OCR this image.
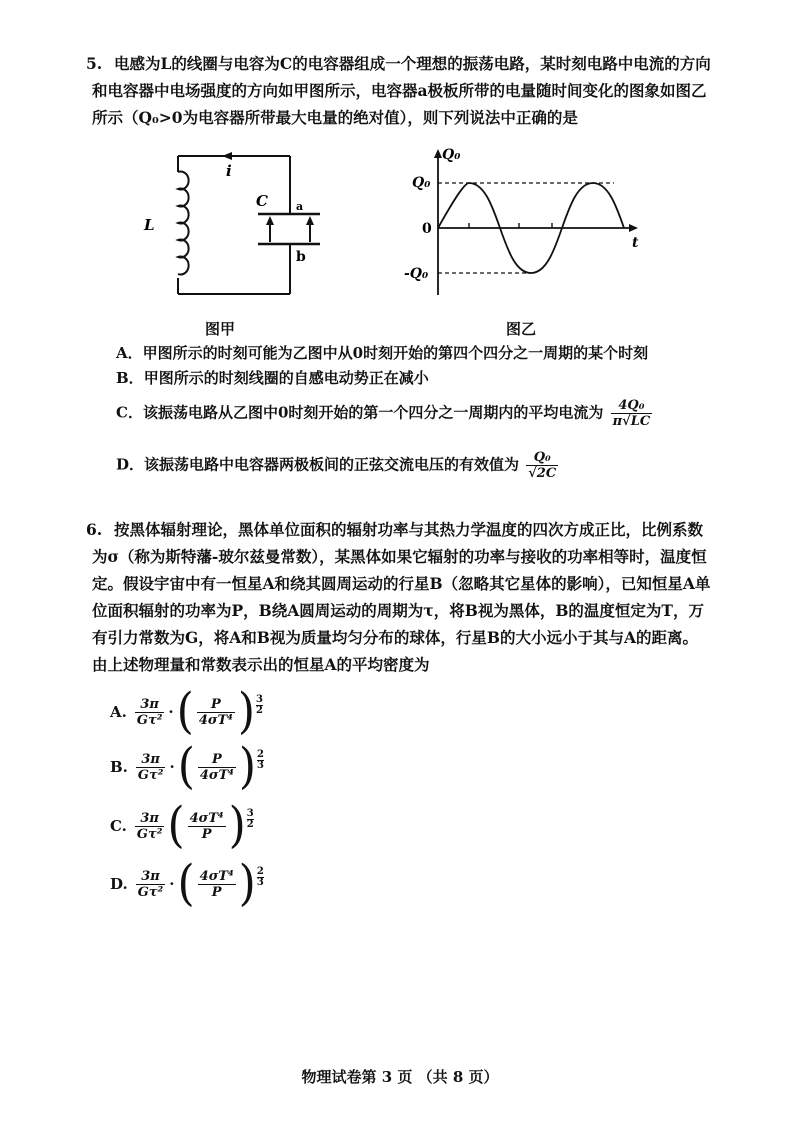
5. 电感为L的线圈与电容为C的电容器组成一个理想的振荡电路，某时刻电路中电流的方向和电容器中电场强度的方向如甲图所示，电容器a极板所带的电量随时间变化的图象如图乙所示（Q₀>0为电容器所带最大电量的绝对值），则下列说法中正确的是
i
L
C	a
b
图甲
Q₀
Q₀
0
-Q₀
t
图乙
A．甲图所示的时刻可能为乙图中从0时刻开始的第四个四分之一周期的某个时刻
B．甲图所示的时刻线圈的自感电动势正在减小
C．该振荡电路从乙图中0时刻开始的第一个四分之一周期内的平均电流为 $\frac{\text{4Q₀}}{\pi√LC}$
D．该振荡电路中电容器两极板间的正弦交流电压的有效值为 $\frac{\text{Q₀}}{√2C}$
6. 按黑体辐射理论，黑体单位面积的辐射功率与其热力学温度的四次方成正比，比例系数为σ（称为斯特藩-玻尔兹曼常数），某黑体如果它辐射的功率与接收的功率相等时，温度恒定。假设宇宙中有一恒星A和绕其圆周运动的行星B（忽略其它星体的影响），已知恒星A单位面积辐射的功率为P，B绕A圆周运动的周期为τ，将B视为黑体，B的温度恒定为T，万有引力常数为G，将A和B视为质量均匀分布的球体，行星B的大小远小于其与A的距离。由上述物理量和常数表示出的恒星A的平均密度为
A. $\frac{3\pi}{\text{Gτ²}}$ · ( $\frac{P}{\text{4σT⁴}}$ ) $\frac{3}{2}$
B. $\frac{3\pi}{\text{Gτ²}}$ · ( $\frac{P}{\text{4σT⁴}}$ ) $\frac{2}{3}$
C. $\frac{3\pi}{\text{Gτ²}}$ ( $\frac{\text{4σT⁴}}{P}$ ) $\frac{3}{2}$
D. $\frac{3\pi}{\text{Gτ²}}$ · ( $\frac{\text{4σT⁴}}{P}$ ) $\frac{2}{3}$
物理试卷第 3 页 （共 8 页）
